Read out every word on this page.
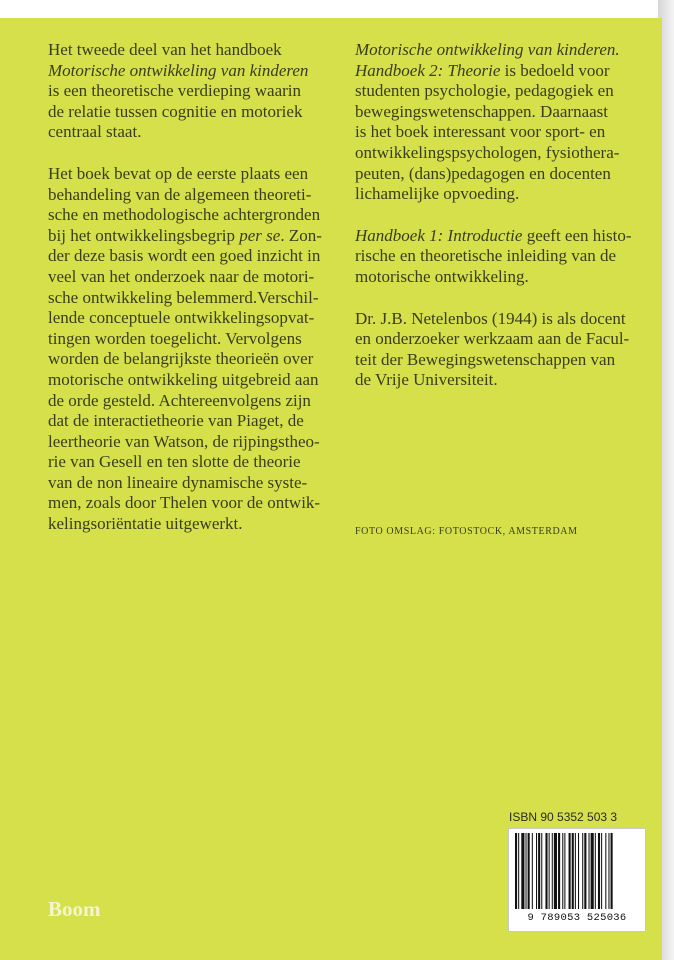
Het tweede deel van het handboek
Motorische ontwikkeling van kinderen
is een theoretische verdieping waarin
de relatie tussen cognitie en motoriek
centraal staat.

Het boek bevat op de eerste plaats een
behandeling van de algemeen theoreti-
sche en methodologische achtergronden
bij het ontwikkelingsbegrip per se. Zon-
der deze basis wordt een goed inzicht in
veel van het onderzoek naar de motori-
sche ontwikkeling belemmerd.Verschil-
lende conceptuele ontwikkelingsopvat-
tingen worden toegelicht. Vervolgens
worden de belangrijkste theorieën over
motorische ontwikkeling uitgebreid aan
de orde gesteld. Achtereenvolgens zijn
dat de interactietheorie van Piaget, de
leertheorie van Watson, de rijpingstheo-
rie van Gesell en ten slotte de theorie
van de non lineaire dynamische syste-
men, zoals door Thelen voor de ontwik-
kelingsoriëntatie uitgewerkt.

Motorische ontwikkeling van kinderen.
Handboek 2: Theorie is bedoeld voor
studenten psychologie, pedagogiek en
bewegingswetenschappen. Daarnaast
is het boek interessant voor sport- en
ontwikkelingspsychologen, fysiothera-
peuten, (dans)pedagogen en docenten
lichamelijke opvoeding.

Handboek 1: Introductie geeft een histo-
rische en theoretische inleiding van de
motorische ontwikkeling.

Dr. J.B. Netelenbos (1944) is als docent
en onderzoeker werkzaam aan de Facul-
teit der Bewegingswetenschappen van
de Vrije Universiteit.

FOTO OMSLAG: FOTOSTOCK, AMSTERDAM
Boom
ISBN 90 5352 503 3
9 789053 525036
